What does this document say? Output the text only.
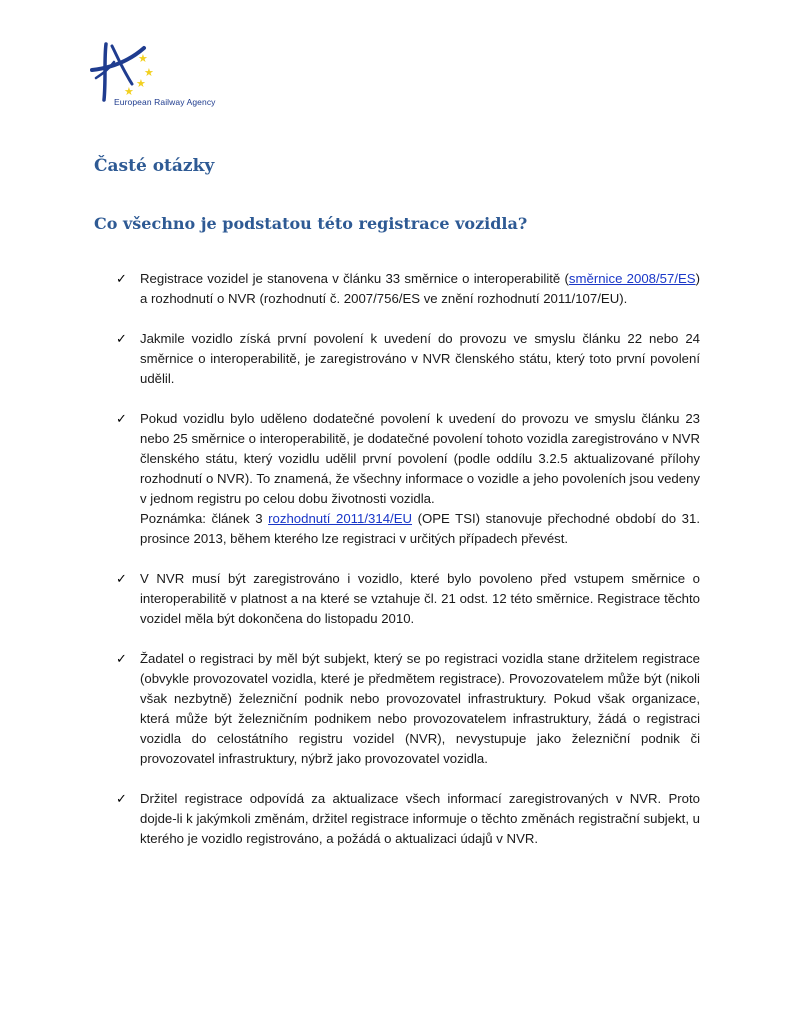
★
★
★
★
European Railway Agency
Časté otázky
Co všechno je podstatou této registrace vozidla?
✓ Registrace vozidel je stanovena v článku 33 směrnice o interoperabilitě (směrnice 2008/57/ES) a rozhodnutí o NVR (rozhodnutí č. 2007/756/ES ve znění rozhodnutí 2011/107/EU).

✓ Jakmile vozidlo získá první povolení k uvedení do provozu ve smyslu článku 22 nebo 24 směrnice o interoperabilitě, je zaregistrováno v NVR členského státu, který toto první povolení udělil.

✓ Pokud vozidlu bylo uděleno dodatečné povolení k uvedení do provozu ve smyslu článku 23 nebo 25 směrnice o interoperabilitě, je dodatečné povolení tohoto vozidla zaregistrováno v NVR členského státu, který vozidlu udělil první povolení (podle oddílu 3.2.5 aktualizované přílohy rozhodnutí o NVR). To znamená, že všechny informace o vozidle a jeho povoleních jsou vedeny v jednom registru po celou dobu životnosti vozidla.

Poznámka: článek 3 rozhodnutí 2011/314/EU (OPE TSI) stanovuje přechodné období do 31. prosince 2013, během kterého lze registraci v určitých případech převést.

✓ V NVR musí být zaregistrováno i vozidlo, které bylo povoleno před vstupem směrnice o interoperabilitě v platnost a na které se vztahuje čl. 21 odst. 12 této směrnice. Registrace těchto vozidel měla být dokončena do listopadu 2010.

✓ Žadatel o registraci by měl být subjekt, který se po registraci vozidla stane držitelem registrace (obvykle provozovatel vozidla, které je předmětem registrace). Provozovatelem může být (nikoli však nezbytně) železniční podnik nebo provozovatel infrastruktury. Pokud však organizace, která může být železničním podnikem nebo provozovatelem infrastruktury, žádá o registraci vozidla do celostátního registru vozidel (NVR), nevystupuje jako železniční podnik či provozovatel infrastruktury, nýbrž jako provozovatel vozidla.

✓ Držitel registrace odpovídá za aktualizace všech informací zaregistrovaných v NVR. Proto dojde-li k jakýmkoli změnám, držitel registrace informuje o těchto změnách registrační subjekt, u kterého je vozidlo registrováno, a požádá o aktualizaci údajů v NVR.
